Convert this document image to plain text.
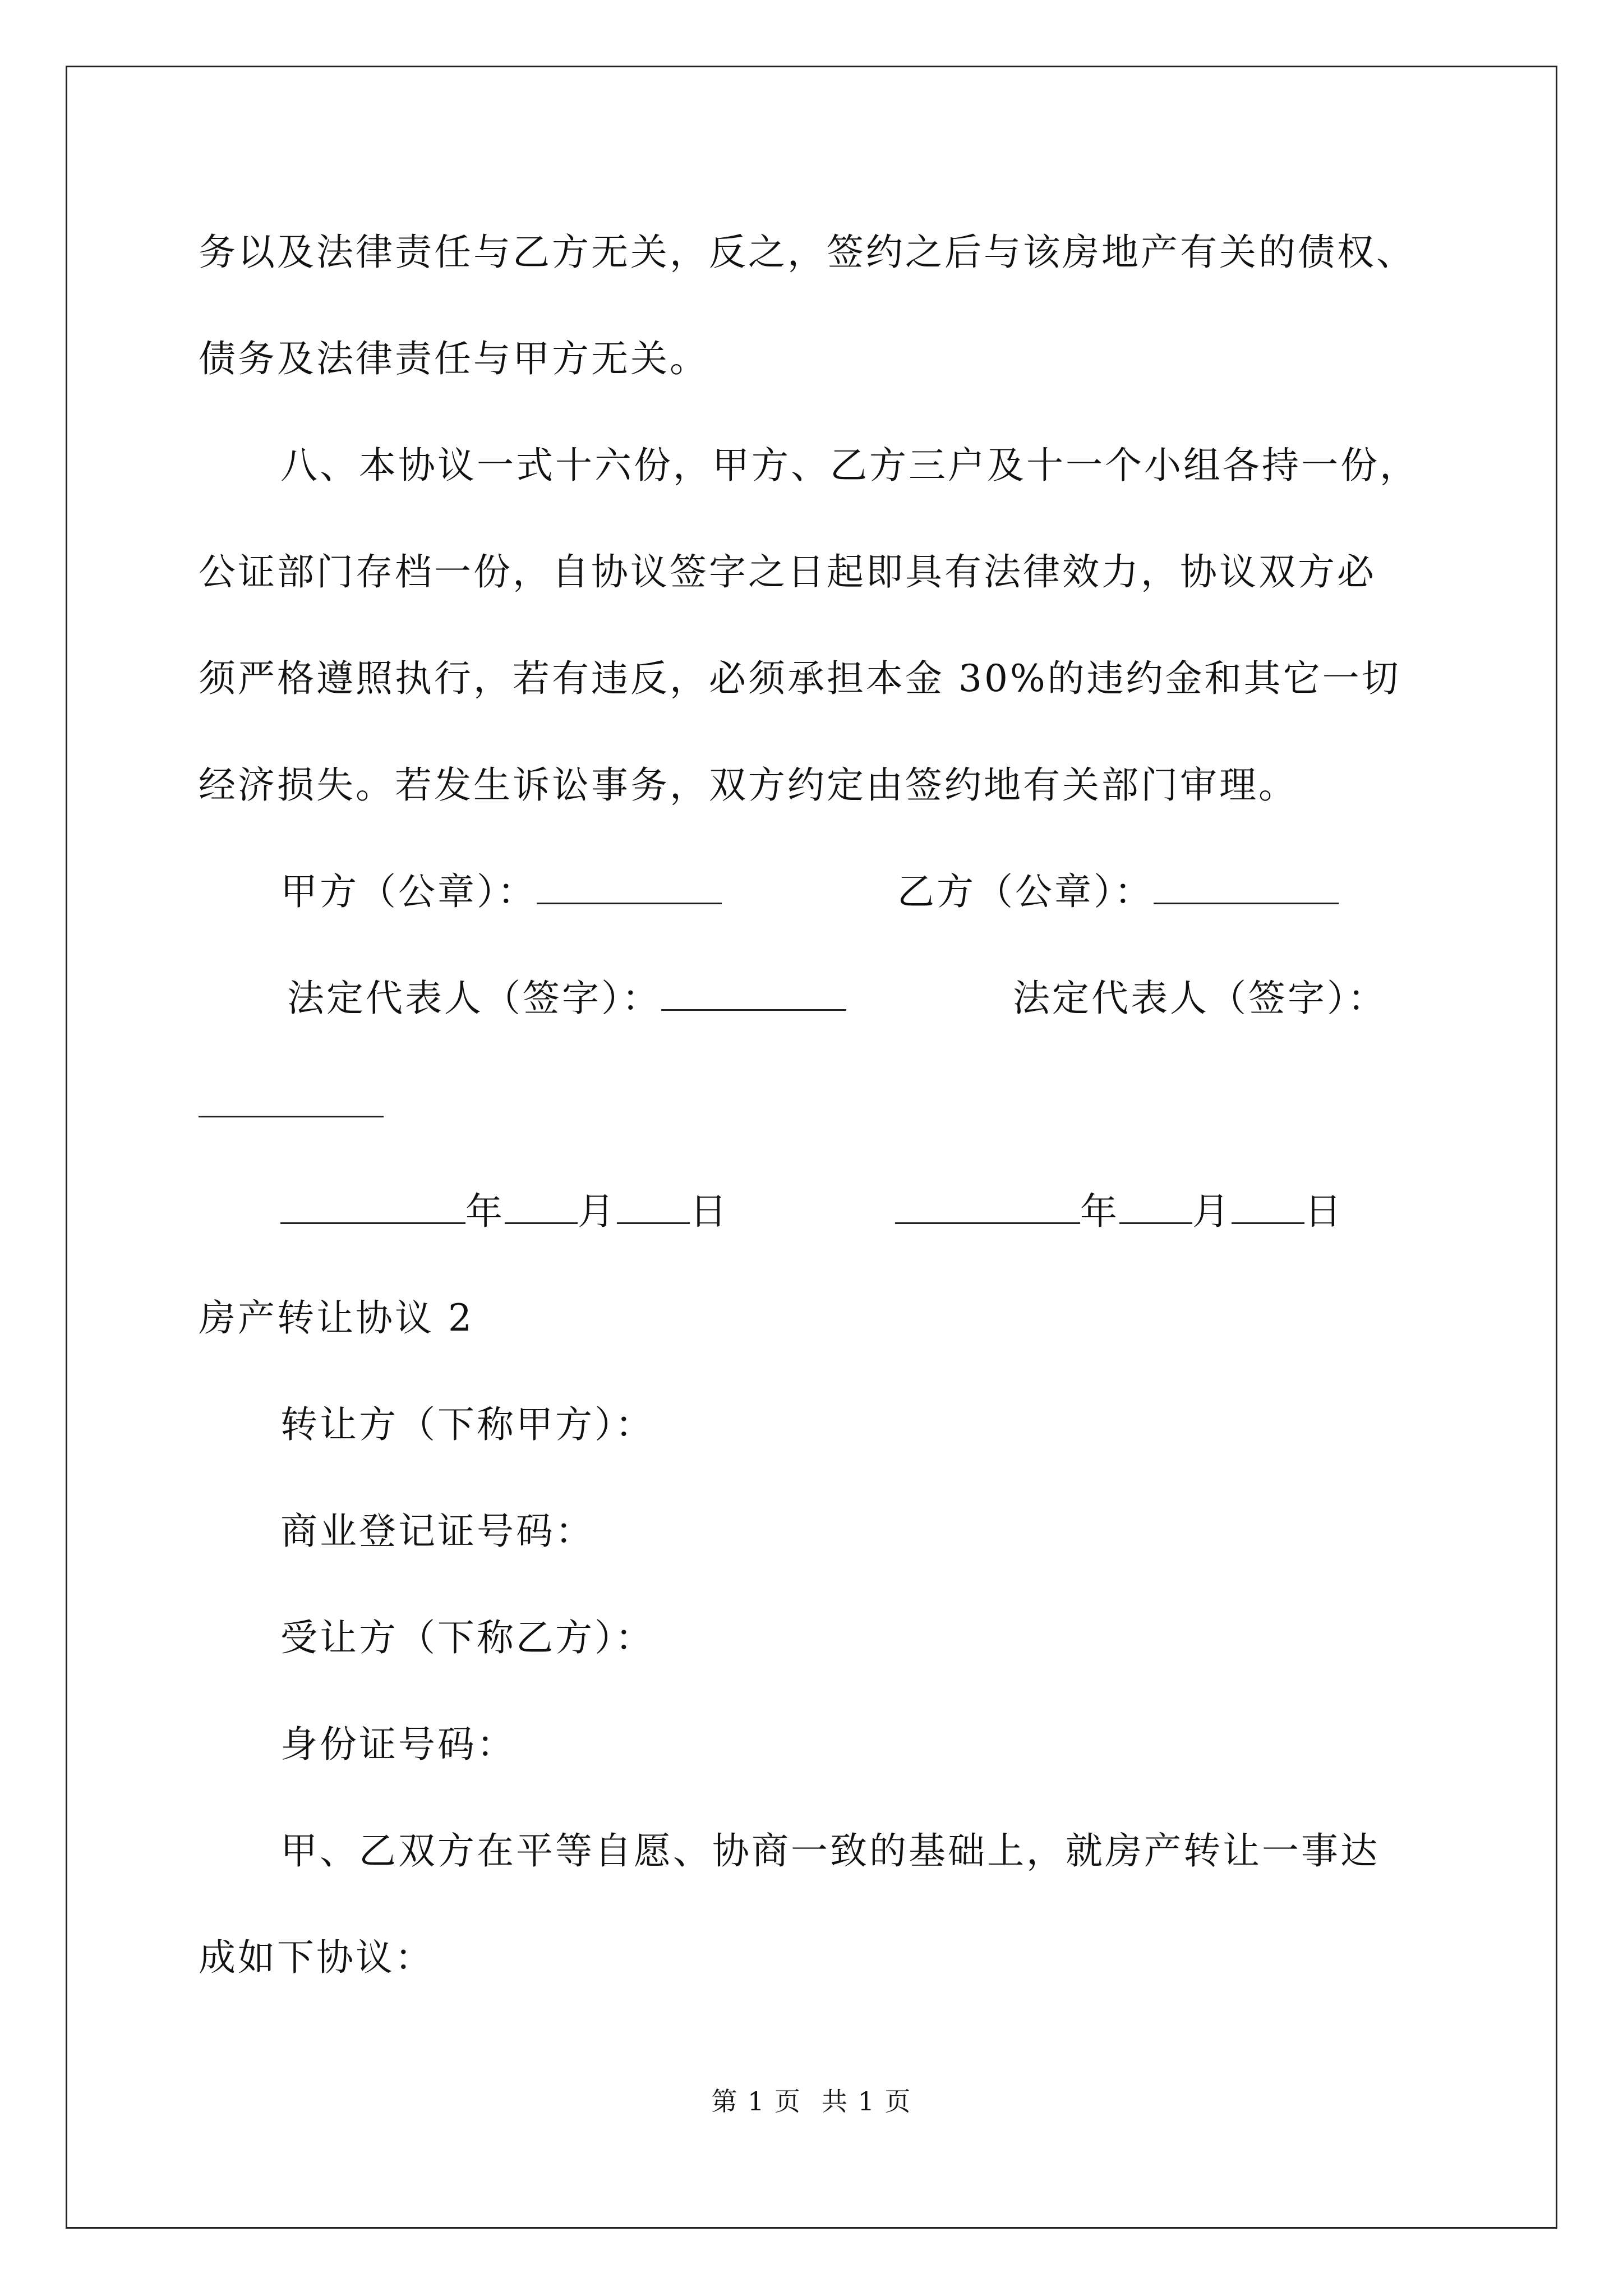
务以及法律责任与乙方无关，反之，签约之后与该房地产有关的债权、
债务及法律责任与甲方无关。
八、本协议一式十六份，甲方、乙方三户及十一个小组各持一份，
公证部门存档一份，自协议签字之日起即具有法律效力，协议双方必
须严格遵照执行，若有违反，必须承担本金 30%的违约金和其它一切
经济损失。若发生诉讼事务，双方约定由签约地有关部门审理。
甲方（公章）：	乙方（公章）：
法定代表人（签字）：	法定代表人（签字）：
年 月 日	年 月 日
房产转让协议 2
转让方（下称甲方）：
商业登记证号码：
受让方（下称乙方）：
身份证号码：
甲、乙双方在平等自愿、协商一致的基础上，就房产转让一事达
成如下协议：
第 1 页 共 1 页
